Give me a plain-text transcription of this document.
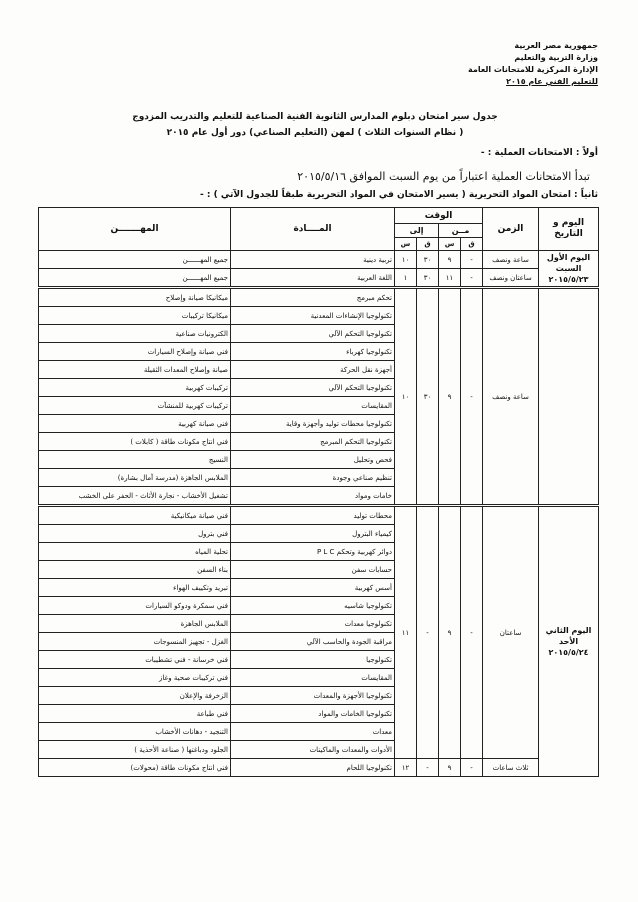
جمهورية مصر العربية
وزارة التربية والتعليم
الإدارة المركزية للامتحانات العامة
للتعليم الفني عام ٢٠١٥
جدول سير امتحان دبلوم المدارس الثانوية الفنية الصناعية للتعليم والتدريب المزدوج
( نظام السنوات الثلاث ) لمهن (التعليم الصناعي) دور أول عام ٢٠١٥
أولاً : الامتحانات العملية : -
تبدأ الامتحانات العملية اعتباراً من يوم السبت الموافق ٢٠١٥/٥/١٦
ثانياً : امتحان المواد التحريرية ( يسير الامتحان في المواد التحريرية طبقاً للجدول الآتي ) : -
اليوم و التاريخ	الزمن	الوقت				المــــادة	المهـــــــن
		مــن		إلى			
		ق	س	ق	س		

اليوم الأول السبت
٢٠١٥/٥/٢٣	ساعة ونصف	-	٩	٣٠	١٠	تربية دينية	جميع المهــــــن
	ساعتان ونصف	-	١١	٣٠	١	اللغة العربية	جميع المهــــــن
	ساعة ونصف	-	٩	٣٠	١٠	تحكم مبرمج	ميكانيكا صيانة وإصلاح
						تكنولوجيا الإنشاءات المعدنية	ميكانيكا تركيبات
						تكنولوجيا التحكم الآلي	الكترونيات صناعية
						تكنولوجيا كهرباء	فني صيانة وإصلاح السيارات
						أجهزة نقل الحركة	صيانة وإصلاح المعدات الثقيلة
						تكنولوجيا التحكم الآلي	تركيبات كهربية
						المقايسات	تركيبات كهربية للمنشآت
						تكنولوجيا محطات توليد وأجهزة وقاية	فني صيانة كهربية
						تكنولوجيا التحكم المبرمج	فني انتاج مكونات طاقة ( كابلات )
						فحص وتحليل	النسيج
						تنظيم صناعي وجودة	الملابس الجاهزة (مدرسة آمال بشارة)
						خامات ومواد	تشغيل الأخشاب - نجارة الأثاث - الحفر على الخشب

اليوم الثاني الأحد
٢٠١٥/٥/٢٤	ساعتان	-	٩	-	١١	محطات توليد	فني صيانة ميكانيكية
						كيمياء البترول	فني بترول
						دوائر كهربية وتحكم P L C	تحلية المياه
						حسابات سفن	بناء السفن
						أسس كهربية	تبريد وتكييف الهواء
						تكنولوجيا شاسيه	فني سمكرة ودوكو السيارات
						تكنولوجيا معدات	الملابس الجاهزة
						مراقبة الجودة والحاسب الآلي	الغزل - تجهيز المنسوجات
						تكنولوجيا	فني خرسانة - فني تشطيبات
						المقايسات	فني تركيبات صحية وغاز
						تكنولوجيا الأجهزة والمعدات	الزخرفة والإعلان
						تكنولوجيا الخامات والمواد	فني طباعة
						معدات	التنجيد - دهانات الأخشاب
						الأدوات والمعدات والماكينات	الجلود ودباغتها ( صناعة الأحذية )
	ثلاث ساعات	-	٩	-	١٢	تكنولوجيا اللحام	فني انتاج مكونات طاقة (محولات)
